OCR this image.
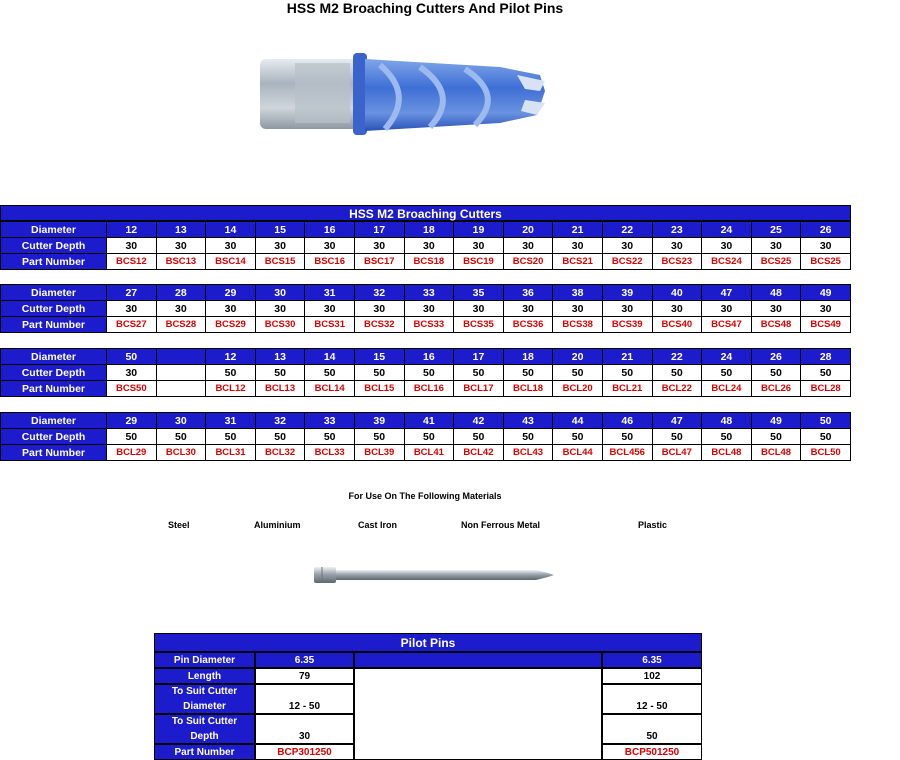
HSS M2 Broaching Cutters And Pilot Pins
HSS M2 Broaching Cutters
Diameter	12	13	14	15	16	17	18	19	20	21	22	23	24	25	26
Cutter Depth	30	30	30	30	30	30	30	30	30	30	30	30	30	30	30
Part Number	BCS12	BSC13	BSC14	BCS15	BSC16	BSC17	BCS18	BSC19	BCS20	BCS21	BCS22	BCS23	BCS24	BCS25	BCS25
Diameter	27	28	29	30	31	32	33	35	36	38	39	40	47	48	49
Cutter Depth	30	30	30	30	30	30	30	30	30	30	30	30	30	30	30
Part Number	BCS27	BCS28	BCS29	BCS30	BCS31	BCS32	BCS33	BCS35	BCS36	BCS38	BCS39	BCS40	BCS47	BCS48	BCS49
Diameter	50		12	13	14	15	16	17	18	20	21	22	24	26	28
Cutter Depth	30		50	50	50	50	50	50	50	50	50	50	50	50	50
Part Number	BCS50		BCL12	BCL13	BCL14	BCL15	BCL16	BCL17	BCL18	BCL20	BCL21	BCL22	BCL24	BCL26	BCL28
Diameter	29	30	31	32	33	39	41	42	43	44	46	47	48	49	50
Cutter Depth	50	50	50	50	50	50	50	50	50	50	50	50	50	50	50
Part Number	BCL29	BCL30	BCL31	BCL32	BCL33	BCL39	BCL41	BCL42	BCL43	BCL44	BCL456	BCL47	BCL48	BCL48	BCL50
For Use On The Following Materials
Steel	Aluminium	Cast Iron	Non Ferrous Metal	Plastic
Pilot Pins
Pin Diameter	6.35	6.35
Length	79	102
To Suit Cutter
Diameter	12 - 50	12 - 50
To Suit Cutter
Depth	30	50
Part Number	BCP301250	BCP501250
